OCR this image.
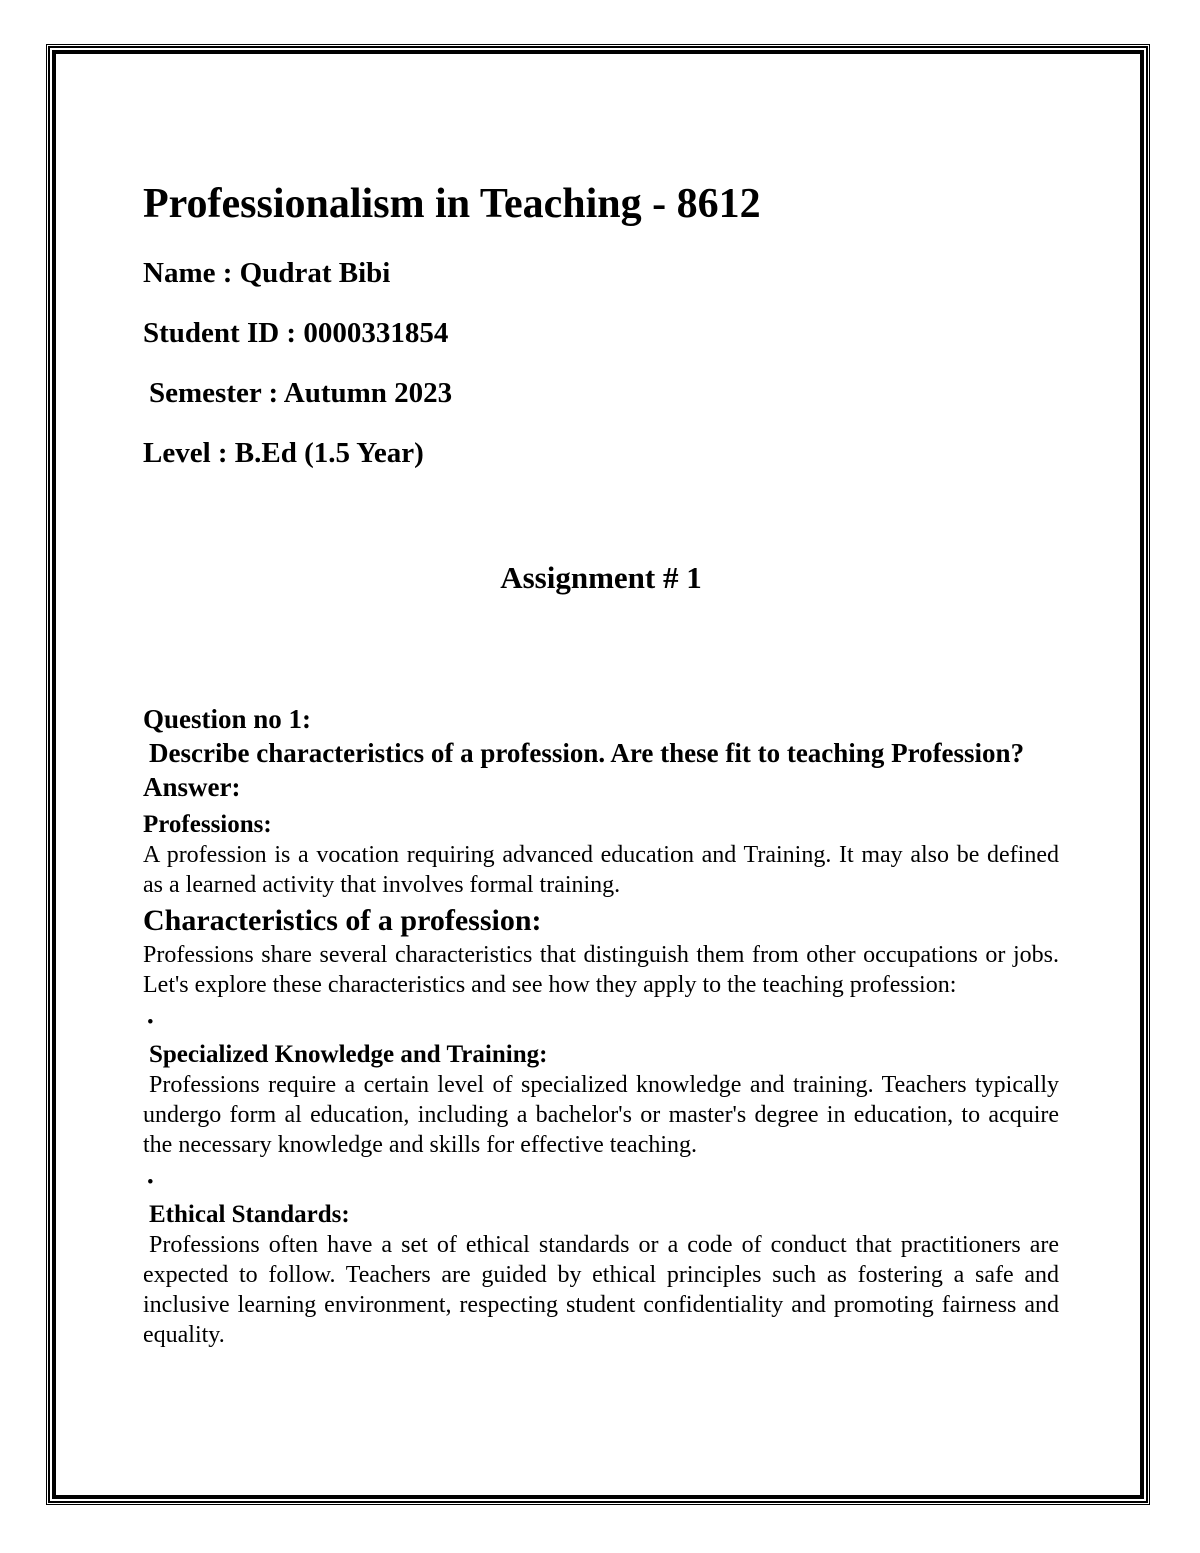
Professionalism in Teaching - 8612

Name : Qudrat Bibi

Student ID : 0000331854

Semester : Autumn 2023

Level : B.Ed (1.5 Year)

Assignment # 1

Question no 1:

Describe characteristics of a profession. Are these fit to teaching Profession?

Answer:

Professions:

A profession is a vocation requiring advanced education and Training. It may also be defined as a learned activity that involves formal training.

Characteristics of a profession:

Professions share several characteristics that distinguish them from other occupations or jobs. Let's explore these characteristics and see how they apply to the teaching profession:

•

Specialized Knowledge and Training:

Professions require a certain level of specialized knowledge and training. Teachers typically undergo form al education, including a bachelor's or master's degree in education, to acquire the necessary knowledge and skills for effective teaching.

•

Ethical Standards:

Professions often have a set of ethical standards or a code of conduct that practitioners are expected to follow. Teachers are guided by ethical principles such as fostering a safe and inclusive learning environment, respecting student confidentiality and promoting fairness and equality.
